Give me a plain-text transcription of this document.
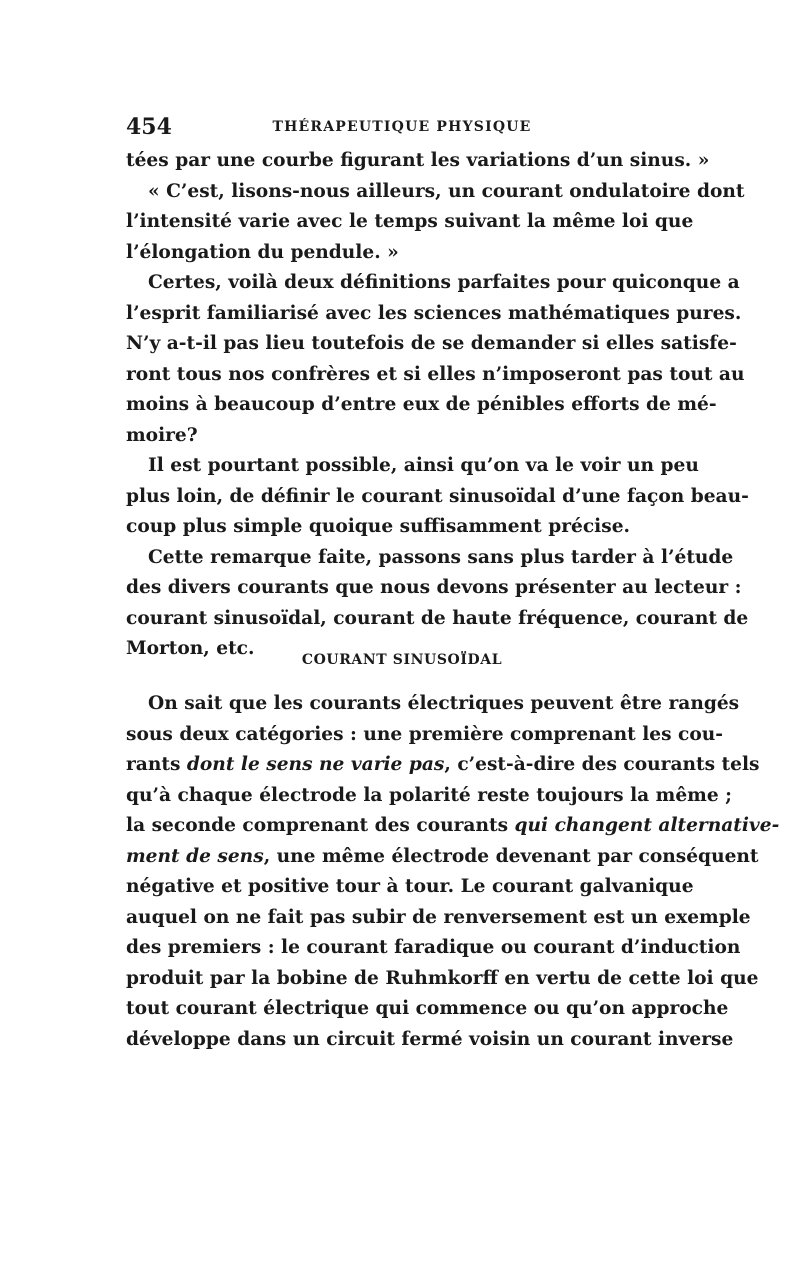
454	THÉRAPEUTIQUE PHYSIQUE
tées par une courbe figurant les variations d’un sinus. »
« C’est, lisons-nous ailleurs, un courant ondulatoire dont
l’intensité varie avec le temps suivant la même loi que
l’élongation du pendule. »
Certes, voilà deux définitions parfaites pour quiconque a
l’esprit familiarisé avec les sciences mathématiques pures.
N’y a-t-il pas lieu toutefois de se demander si elles satisfe-
ront tous nos confrères et si elles n’imposeront pas tout au
moins à beaucoup d’entre eux de pénibles efforts de mé-
moire?
Il est pourtant possible, ainsi qu’on va le voir un peu
plus loin, de définir le courant sinusoïdal d’une façon beau-
coup plus simple quoique suffisamment précise.
Cette remarque faite, passons sans plus tarder à l’étude
des divers courants que nous devons présenter au lecteur :
courant sinusoïdal, courant de haute fréquence, courant de
Morton, etc.
COURANT SINUSOÏDAL
On sait que les courants électriques peuvent être rangés
sous deux catégories : une première comprenant les cou-
rants dont le sens ne varie pas, c’est-à-dire des courants tels
qu’à chaque électrode la polarité reste toujours la même ;
la seconde comprenant des courants qui changent alternative-
ment de sens, une même électrode devenant par conséquent
négative et positive tour à tour. Le courant galvanique
auquel on ne fait pas subir de renversement est un exemple
des premiers : le courant faradique ou courant d’induction
produit par la bobine de Ruhmkorff en vertu de cette loi que
tout courant électrique qui commence ou qu’on approche
développe dans un circuit fermé voisin un courant inverse
